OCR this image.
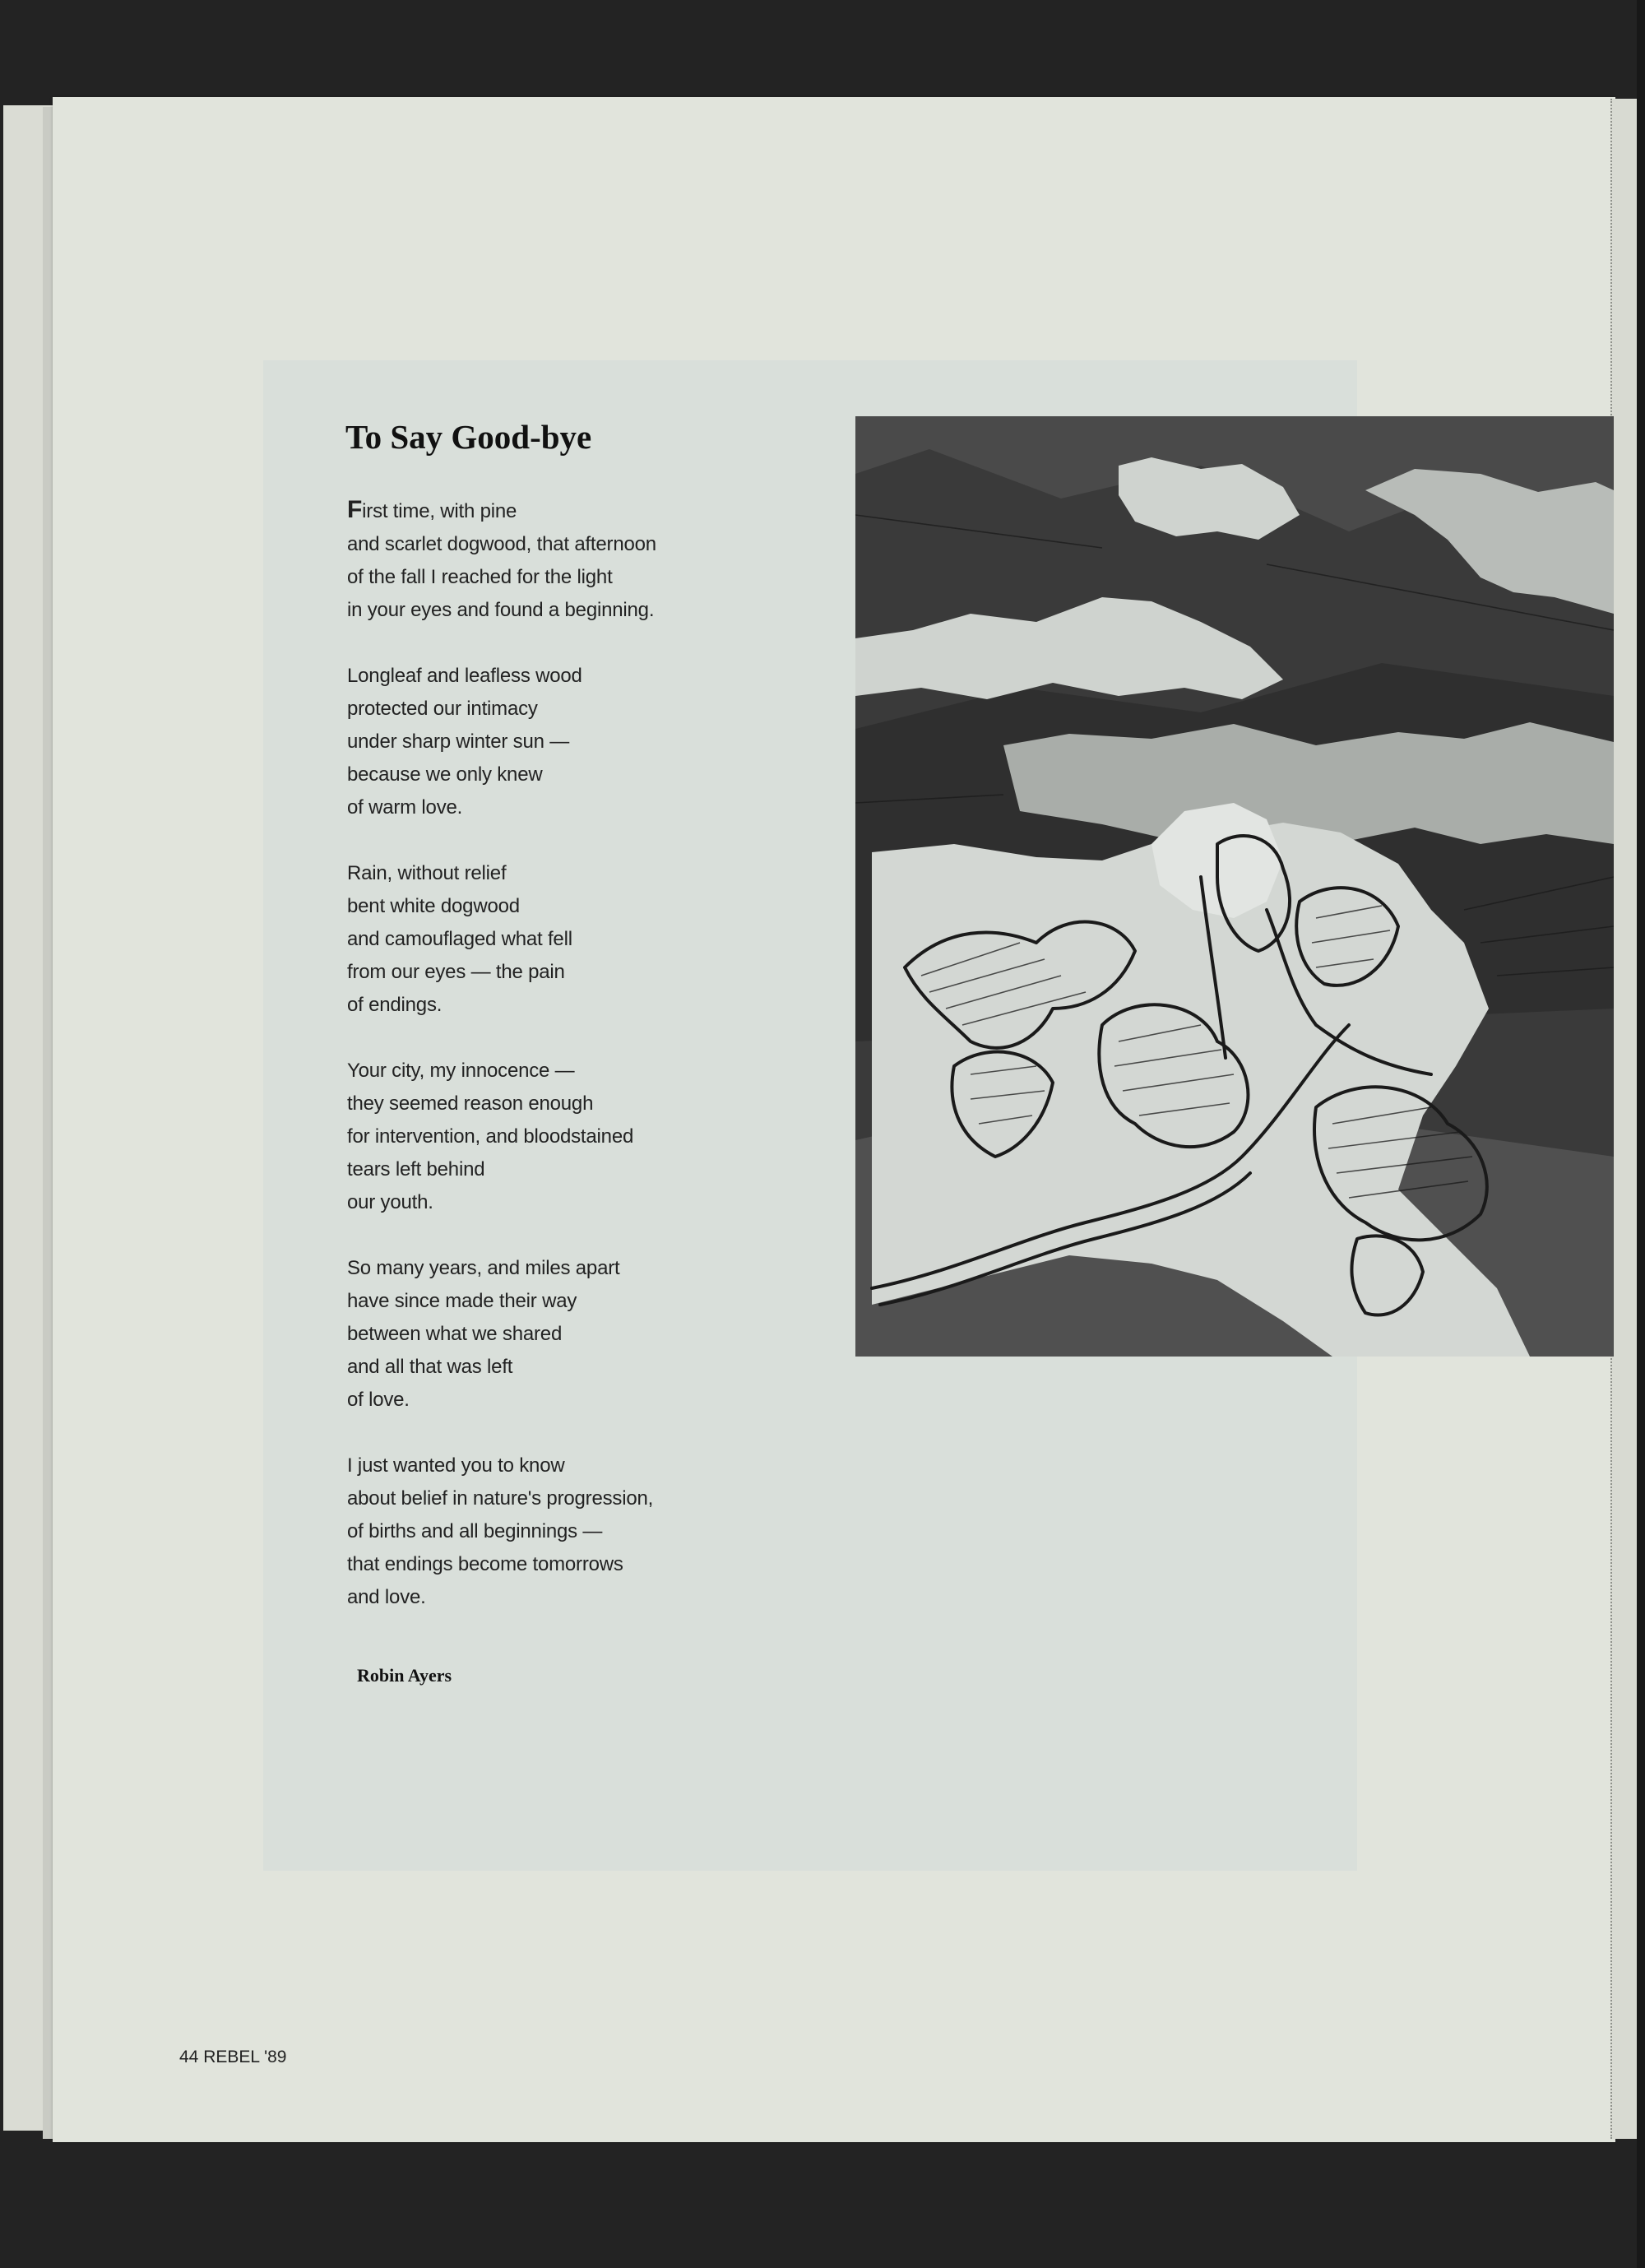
To Say Good-bye
First time, with pine
and scarlet dogwood, that afternoon
of the fall I reached for the light
in your eyes and found a beginning.
Longleaf and leafless wood
protected our intimacy
under sharp winter sun —
because we only knew
of warm love.
Rain, without relief
bent white dogwood
and camouflaged what fell
from our eyes — the pain
of endings.
Your city, my innocence —
they seemed reason enough
for intervention, and bloodstained
tears left behind
our youth.
So many years, and miles apart
have since made their way
between what we shared
and all that was left
of love.
I just wanted you to know
about belief in nature's progression,
of births and all beginnings —
that endings become tomorrows
and love.
Robin Ayers
44 REBEL '89
